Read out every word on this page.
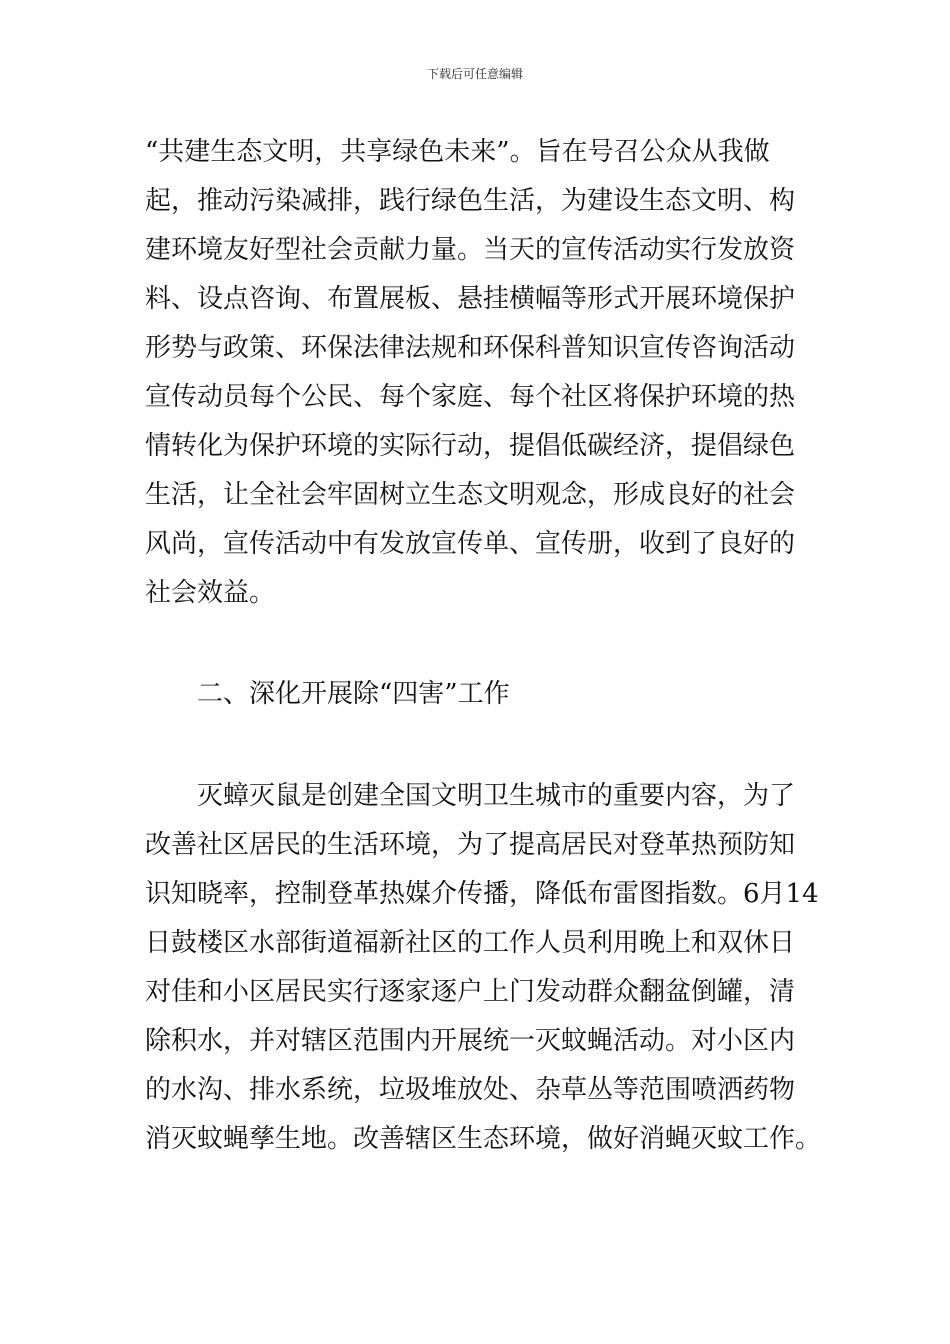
下载后可任意编辑
“共建生态文明，共享绿色未来”。旨在号召公众从我做
起，推动污染减排，践行绿色生活，为建设生态文明、构
建环境友好型社会贡献力量。当天的宣传活动实行发放资
料、设点咨询、布置展板、悬挂横幅等形式开展环境保护
形势与政策、环保法律法规和环保科普知识宣传咨询活动
宣传动员每个公民、每个家庭、每个社区将保护环境的热
情转化为保护环境的实际行动，提倡低碳经济，提倡绿色
生活，让全社会牢固树立生态文明观念，形成良好的社会
风尚，宣传活动中有发放宣传单、宣传册，收到了良好的
社会效益。
二、深化开展除“四害”工作
灭蟑灭鼠是创建全国文明卫生城市的重要内容，为了
改善社区居民的生活环境，为了提高居民对登革热预防知
识知晓率，控制登革热媒介传播，降低布雷图指数。6月14
日鼓楼区水部街道福新社区的工作人员利用晚上和双休日
对佳和小区居民实行逐家逐户上门发动群众翻盆倒罐，清
除积水，并对辖区范围内开展统一灭蚊蝇活动。对小区内
的水沟、排水系统，垃圾堆放处、杂草丛等范围喷洒药物
消灭蚊蝇孳生地。改善辖区生态环境，做好消蝇灭蚊工作。
